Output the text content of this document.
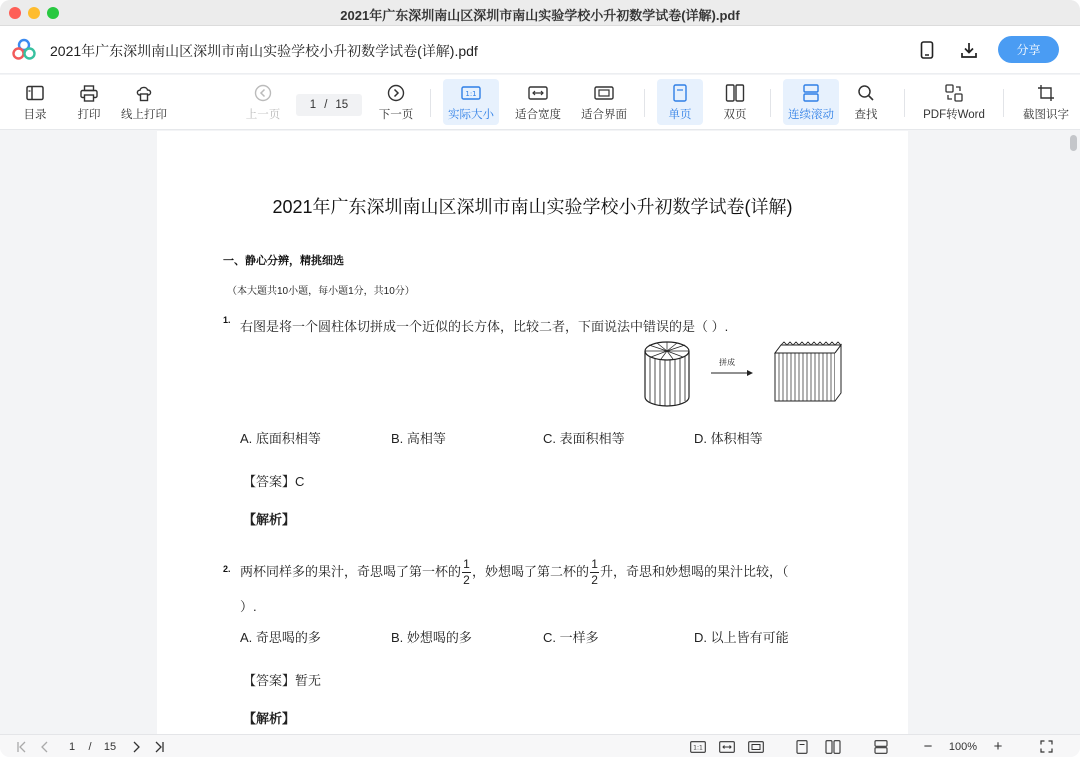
2021年广东深圳南山区深圳市南山实验学校小升初数学试卷(详解).pdf
2021年广东深圳南山区深圳市南山实验学校小升初数学试卷(详解).pdf	分享
目录	打印 线上打印	上一页
1 / 15
下一页
1:1
实际大小 适合宽度 适合界面	单页	双页	连续滚动 查找	PDF转Word	截图识字
2021年广东深圳南山区深圳市南山实验学校小升初数学试卷(详解)
一、静心分辨，精挑细选
（本大题共10小题，每小题1分，共10分）
1. 右图是将一个圆柱体切拼成一个近似的长方体，比较二者，下面说法中错误的是（ ）.
拼成
A. 底面积相等	B. 高相等	C. 表面积相等	D. 体积相等
【答案】C
【解析】
2. 两杯同样多的果汁，奇思喝了第一杯的 $\frac{1}{2}$ ，妙想喝了第二杯的 $\frac{1}{2}$ 升，奇思和妙想喝的果汁比较，（
）.
A. 奇思喝的多	B. 妙想喝的多	C. 一样多	D. 以上皆有可能
【答案】暂无
【解析】
1	/	15	1:1	−	100%	+
